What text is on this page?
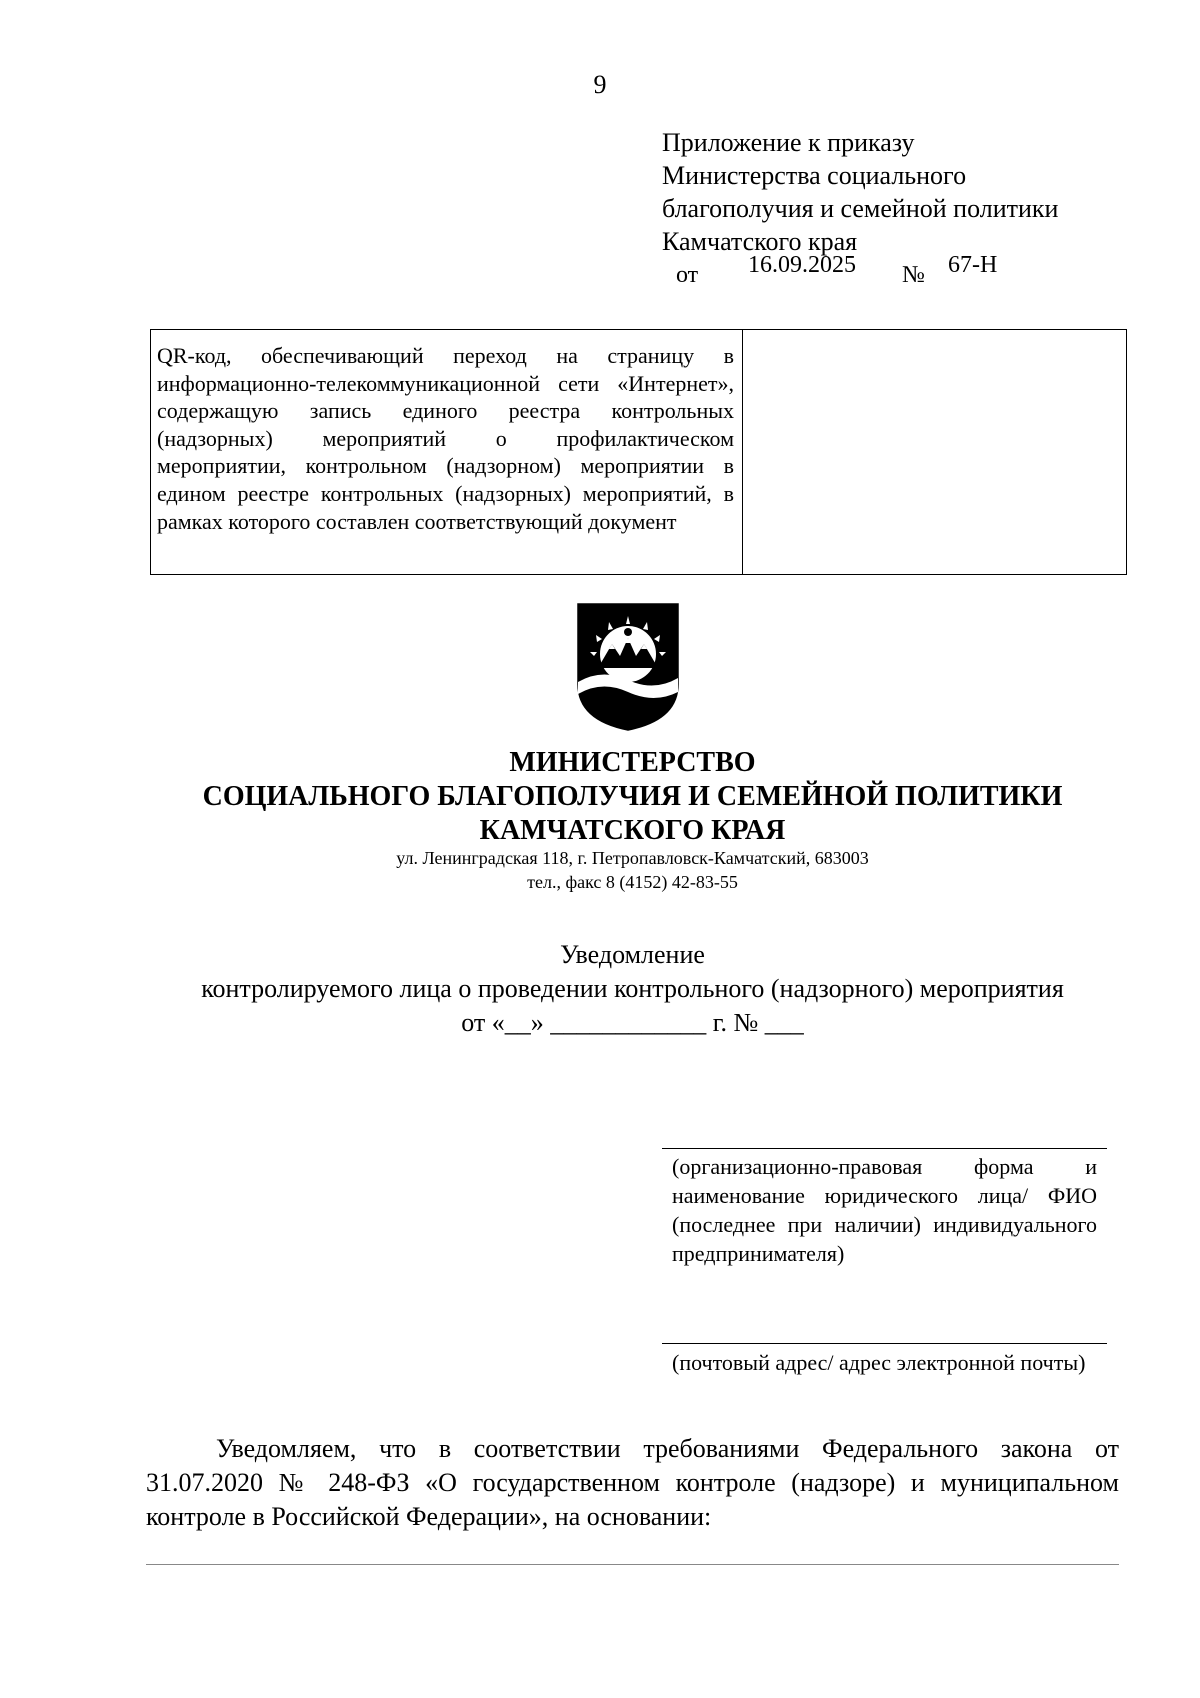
9
Приложение к приказу
Министерства социального
благополучия и семейной политики
Камчатского края
от 16.09.2025 № 67-Н
QR-код, обеспечивающий переход на страницу в информационно-телекоммуникационной сети «Интернет», содержащую запись единого реестра контрольных (надзорных) мероприятий о профилактическом мероприятии, контрольном (надзорном) мероприятии в едином реестре контрольных (надзорных) мероприятий, в рамках которого составлен соответствующий документ
МИНИСТЕРСТВО
СОЦИАЛЬНОГО БЛАГОПОЛУЧИЯ И СЕМЕЙНОЙ ПОЛИТИКИ
КАМЧАТСКОГО КРАЯ
ул. Ленинградская 118, г. Петропавловск-Камчатский, 683003
тел., факс 8 (4152) 42-83-55
Уведомление
контролируемого лица о проведении контрольного (надзорного) мероприятия
от «__» ____________ г. № ___
(организационно-правовая форма и наименование юридического лица/ ФИО (последнее при наличии) индивидуального предпринимателя)
(почтовый адрес/ адрес электронной почты)
Уведомляем, что в соответствии требованиями Федерального закона от 31.07.2020 № 248-ФЗ «О государственном контроле (надзоре) и муниципальном контроле в Российской Федерации», на основании:
